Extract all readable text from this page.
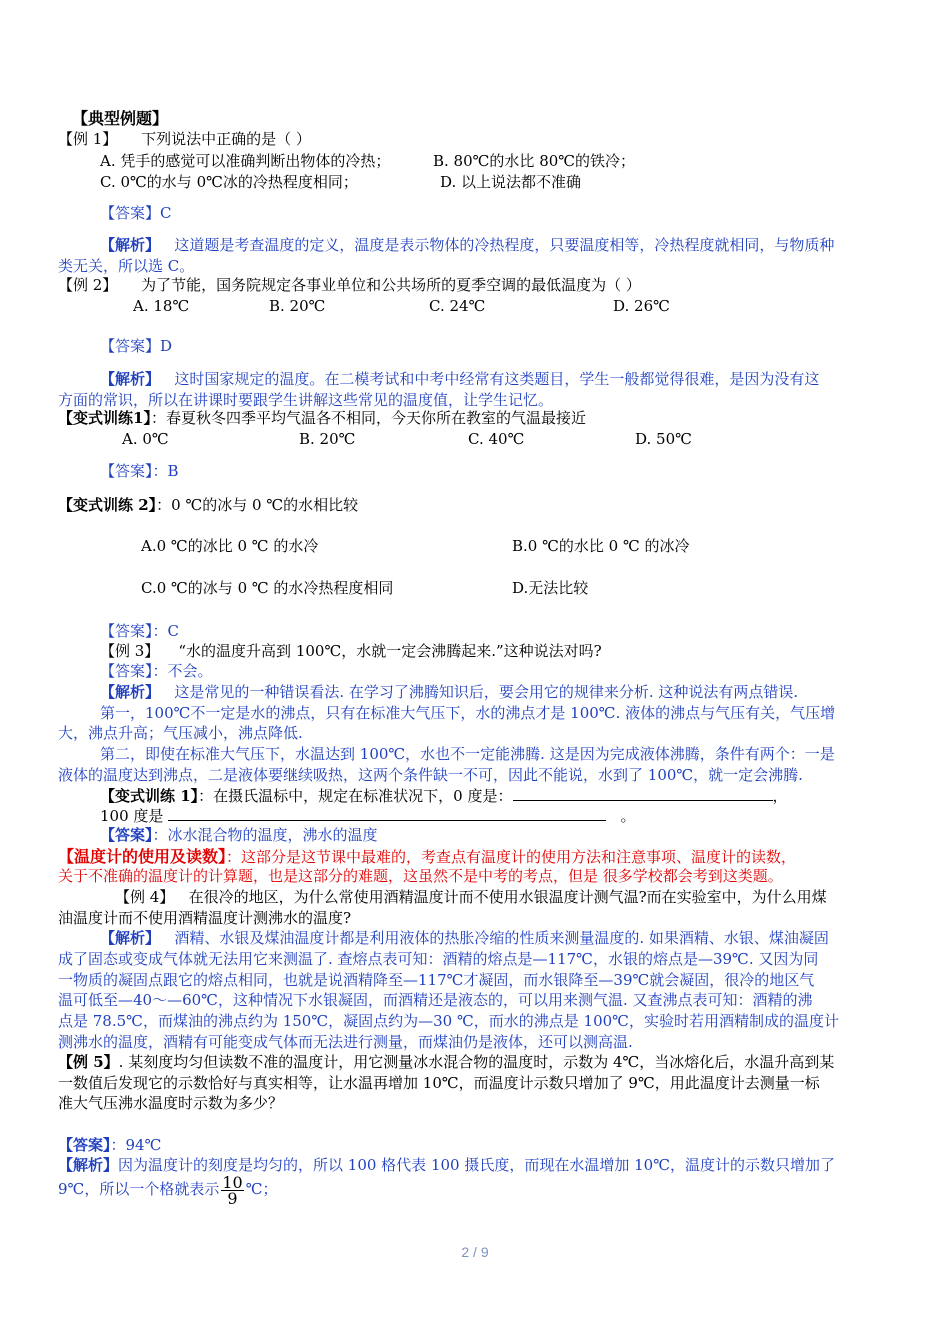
【典型例题】
【例 1】 下列说法中正确的是（ ）
A. 凭手的感觉可以准确判断出物体的冷热；	B. 80℃的水比 80℃的铁冷；
C. 0℃的水与 0℃冰的冷热程度相同；	D. 以上说法都不准确
【答案】C
【解析】 这道题是考查温度的定义，温度是表示物体的冷热程度，只要温度相等，冷热程度就相同，与物质种
类无关，所以选 C。
【例 2】 为了节能，国务院规定各事业单位和公共场所的夏季空调的最低温度为（ ）
A. 18℃	B. 20℃	C. 24℃	D. 26℃
【答案】D
【解析】 这时国家规定的温度。在二模考试和中考中经常有这类题目，学生一般都觉得很难，是因为没有这
方面的常识，所以在讲课时要跟学生讲解这些常见的温度值，让学生记忆。
【变式训练1】：春夏秋冬四季平均气温各不相同，今天你所在教室的气温最接近
A. 0℃	B. 20℃	C. 40℃	D. 50℃
【答案】：B
【变式训练 2】：0 ℃的冰与 0 ℃的水相比较
A.0 ℃的冰比 0 ℃ 的水冷	B.0 ℃的水比 0 ℃ 的冰冷
C.0 ℃的冰与 0 ℃ 的水冷热程度相同	D.无法比较
【答案】：C
【例 3】 “水的温度升高到 100℃，水就一定会沸腾起来.”这种说法对吗?
【答案】：不会。
【解析】 这是常见的一种错误看法. 在学习了沸腾知识后，要会用它的规律来分析. 这种说法有两点错误.
第一，100℃不一定是水的沸点，只有在标准大气压下，水的沸点才是 100℃. 液体的沸点与气压有关，气压增
大，沸点升高；气压减小，沸点降低.
第二，即使在标准大气压下，水温达到 100℃，水也不一定能沸腾. 这是因为完成液体沸腾，条件有两个：一是
液体的温度达到沸点，二是液体要继续吸热，这两个条件缺一不可，因此不能说，水到了 100℃，就一定会沸腾.
【变式训练 1】：在摄氏温标中，规定在标准状况下，0 度是：	，
100 度是	。
【答案】：冰水混合物的温度，沸水的温度
【温度计的使用及读数】：这部分是这节课中最难的，考查点有温度计的使用方法和注意事项、温度计的读数，
关于不准确的温度计的计算题，也是这部分的难题，这虽然不是中考的考点，但是 很多学校都会考到这类题。
【例 4】 在很冷的地区，为什么常使用酒精温度计而不使用水银温度计测气温?而在实验室中，为什么用煤
油温度计而不使用酒精温度计测沸水的温度?
【解析】 酒精、水银及煤油温度计都是利用液体的热胀冷缩的性质来测量温度的. 如果酒精、水银、煤油凝固
成了固态或变成气体就无法用它来测温了. 查熔点表可知：酒精的熔点是—117℃，水银的熔点是—39℃. 又因为同
一物质的凝固点跟它的熔点相同，也就是说酒精降至—117℃才凝固，而水银降至—39℃就会凝固，很冷的地区气
温可低至—40～—60℃，这种情况下水银凝固，而酒精还是液态的，可以用来测气温. 又查沸点表可知：酒精的沸
点是 78.5℃，而煤油的沸点约为 150℃，凝固点约为—30 ℃，而水的沸点是 100℃，实验时若用酒精制成的温度计
测沸水的温度，酒精有可能变成气体而无法进行测量，而煤油仍是液体，还可以测高温.
【例 5】. 某刻度均匀但读数不准的温度计，用它测量冰水混合物的温度时，示数为 4℃，当冰熔化后，水温升高到某
一数值后发现它的示数恰好与真实相等，让水温再增加 10℃，而温度计示数只增加了 9℃，用此温度计去测量一标
准大气压沸水温度时示数为多少？
【答案】：94℃
【解析】因为温度计的刻度是均匀的，所以 100 格代表 100 摄氏度，而现在水温增加 10℃，温度计的示数只增加了
9℃，所以一个格就表示 $\frac{10}{9}$ ℃；
2 / 9
